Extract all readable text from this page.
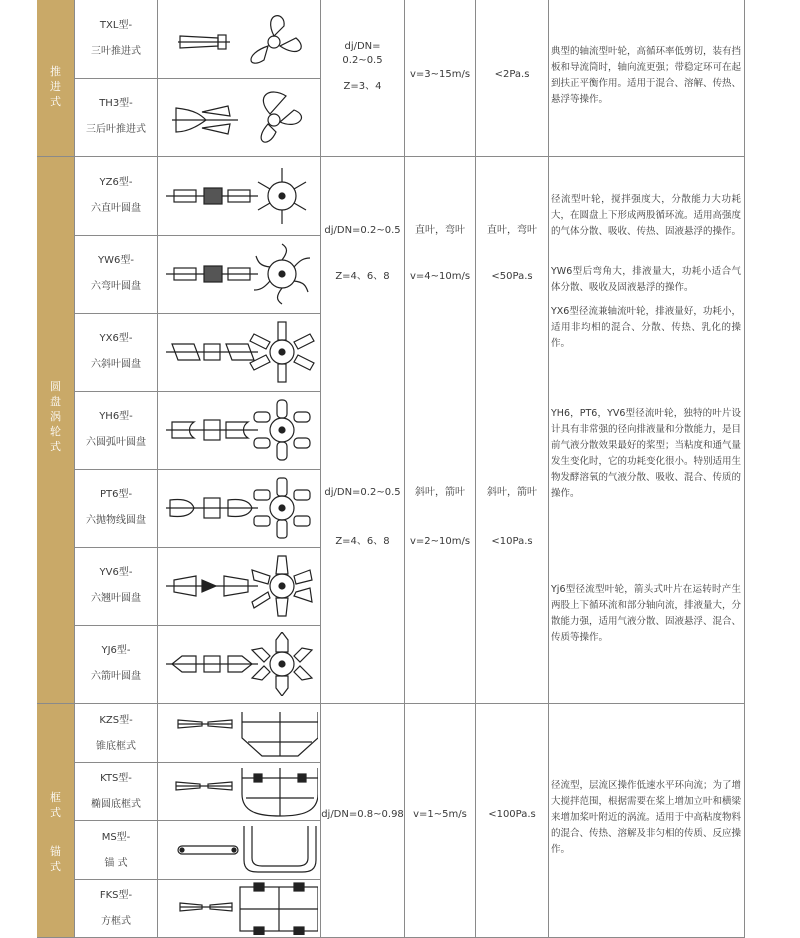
推
进
式
圆
盘
涡
轮
式
框
式
锚
式
TXL型-
三叶推进式
TH3型-
三后叶推进式
YZ6型-
六直叶圆盘
YW6型-
六弯叶圆盘
YX6型-
六斜叶圆盘
YH6型-
六圆弧叶圆盘
PT6型-
六抛物线圆盘
YV6型-
六翘叶圆盘
YJ6型-
六箭叶圆盘
KZS型-
锥底框式
KTS型-
椭圆底框式
MS型-
锚 式
FKS型-
方框式
dj/DN=
0.2~0.5
Z=3、4
v=3~15m/s	<2Pa.s
典型的轴流型叶轮，高循环率低剪切，装有挡板和导流筒时，轴向流更强；带稳定环可在起到扶正平衡作用。适用于混合、溶解、传热、悬浮等操作。
dj/DN=0.2~0.5
Z=4、6、8
直叶，弯叶
v=4~10m/s
直叶，弯叶
<50Pa.s
dj/DN=0.2~0.5
Z=4、6、8
斜叶，箭叶
v=2~10m/s
斜叶，箭叶
<10Pa.s
径流型叶轮，搅拌强度大，分散能力大功耗大，在圆盘上下形成两股循环流。适用高强度的气体分散、吸收、传热、固液悬浮的操作。
YW6型后弯角大，排液量大，功耗小适合气体分散、吸收及固液悬浮的操作。
YX6型径流兼轴流叶轮，排液量好，功耗小，适用非均相的混合、分散、传热、乳化的操作。
YH6，PT6，YV6型径流叶轮，独特的叶片设计具有非常强的径向排液量和分散能力，是目前气液分散效果最好的桨型；当粘度和通气量发生变化时，它的功耗变化很小。特别适用生物发酵溶氧的气液分散、吸收、混合、传质的操作。
Yj6型径流型叶轮，箭头式叶片在运转时产生两股上下循环流和部分轴向流，排液量大，分散能力强，适用气液分散、固液悬浮、混合、传质等操作。
dj/DN=0.8~0.98 v=1~5m/s	<100Pa.s
径流型，层流区操作低速水平环向流；为了增大搅拌范围，根据需要在桨上增加立叶和横梁来增加桨叶附近的涡流。适用于中高粘度物料的混合、传热、溶解及非匀相的传质、反应操作。
